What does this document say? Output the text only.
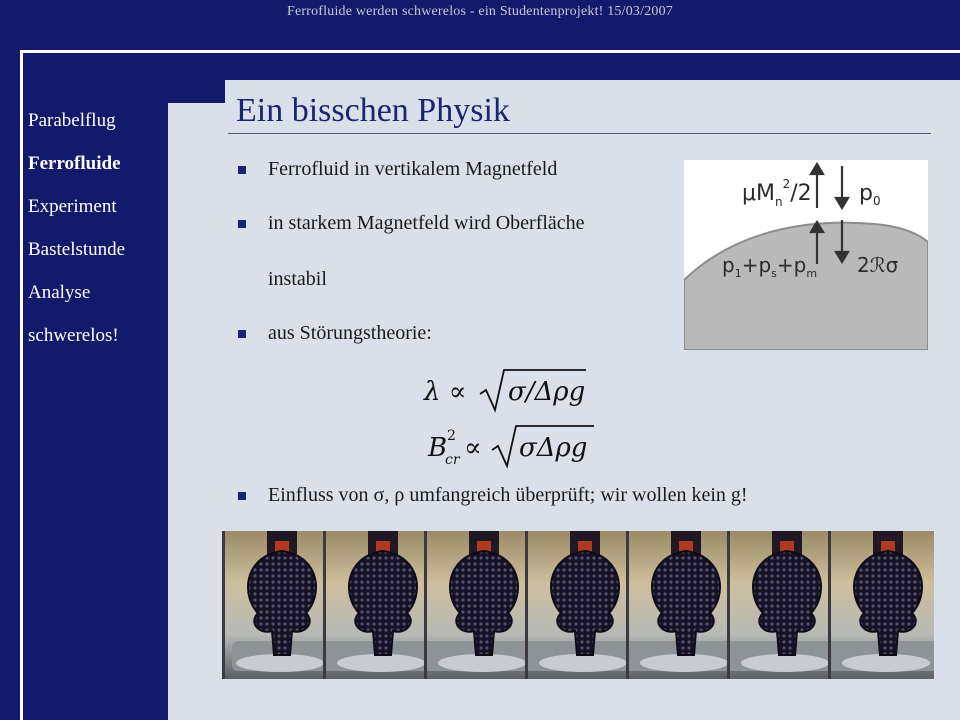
Ferrofluide werden schwerelos - ein Studentenprojekt! 15/03/2007
Parabelflug
Ferrofluide
Experiment
Bastelstunde
Analyse
schwerelos!
Ein bisschen Physik
Ferrofluid in vertikalem Magnetfeld
in starkem Magnetfeld wird Oberfläche
instabil
aus Störungstheorie:
Einfluss von σ, ρ umfangreich überprüft; wir wollen kein g!
λ ∝ σ/Δρg
B 2
cr ∝ σΔρg
$\mu M_n^2/2$ $p_0$
$p_1+p_s+p_m$ 2ℛσ
